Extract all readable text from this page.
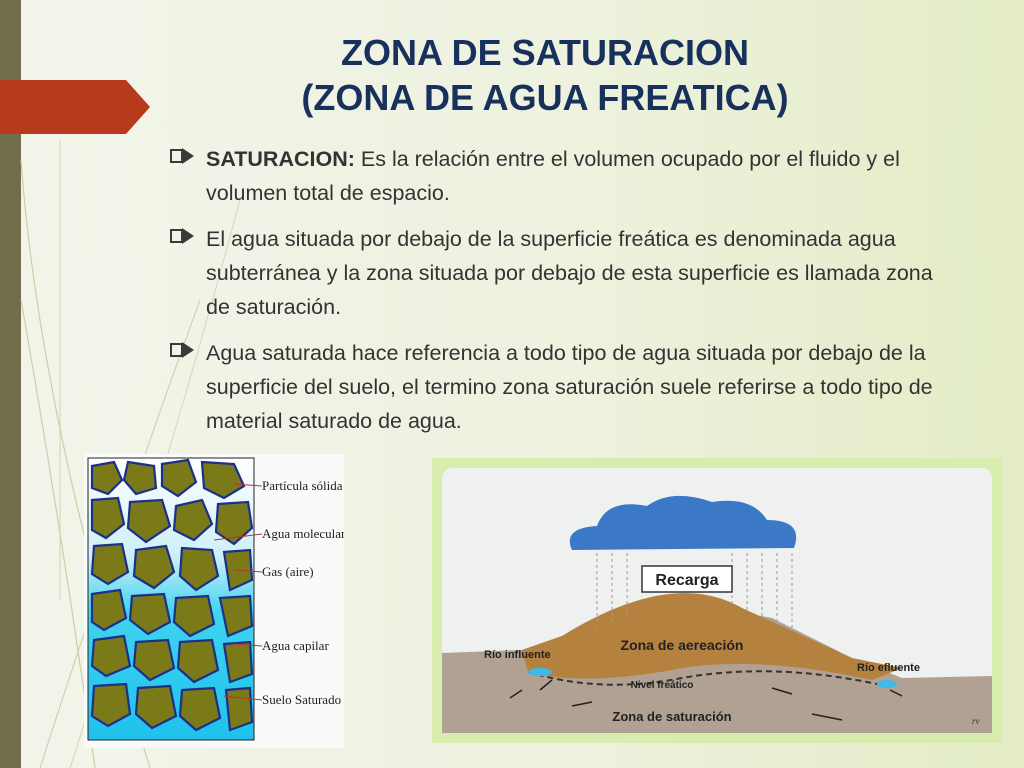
ZONA DE SATURACION
(ZONA DE AGUA FREATICA)
SATURACION: Es la relación entre el volumen ocupado por el fluido y el volumen total de espacio.
El agua situada por debajo de la superficie freática es denominada agua subterránea y la zona situada por debajo de esta superficie es llamada zona de saturación.
Agua saturada hace referencia a todo tipo de agua situada por debajo de la superficie del suelo, el termino zona saturación suele referirse a todo tipo de material saturado de agua.
Partícula sólida
Agua molecular
Gas (aire)
Agua capilar
Suelo Saturado
Recarga
Zona de aereación
Río influente
Río efluente
Nivel freático
Zona de saturación	rv
